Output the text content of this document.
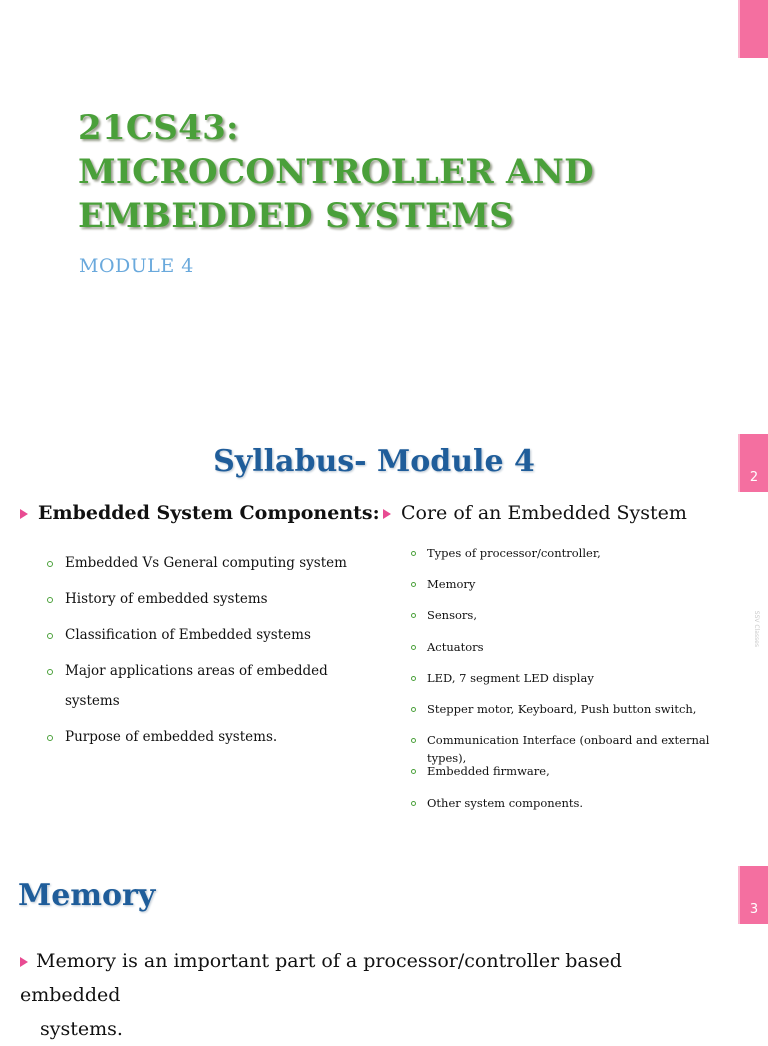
21CS43:
MICROCONTROLLER AND
EMBEDDED SYSTEMS
MODULE 4
2
Syllabus- Module 4
Embedded System Components:	Core of an Embedded System
Embedded Vs General computing system
History of embedded systems
Classification of Embedded systems
Major applications areas of embedded systems
Purpose of embedded systems.
Types of processor/controller,
Memory
Sensors,
Actuators
LED, 7 segment LED display
Stepper motor, Keyboard, Push button switch,
Communication Interface (onboard and external types),
Embedded firmware,
Other system components.
SSV Classes
3
Memory
Memory is an important part of a processor/controller based embedded
systems.
